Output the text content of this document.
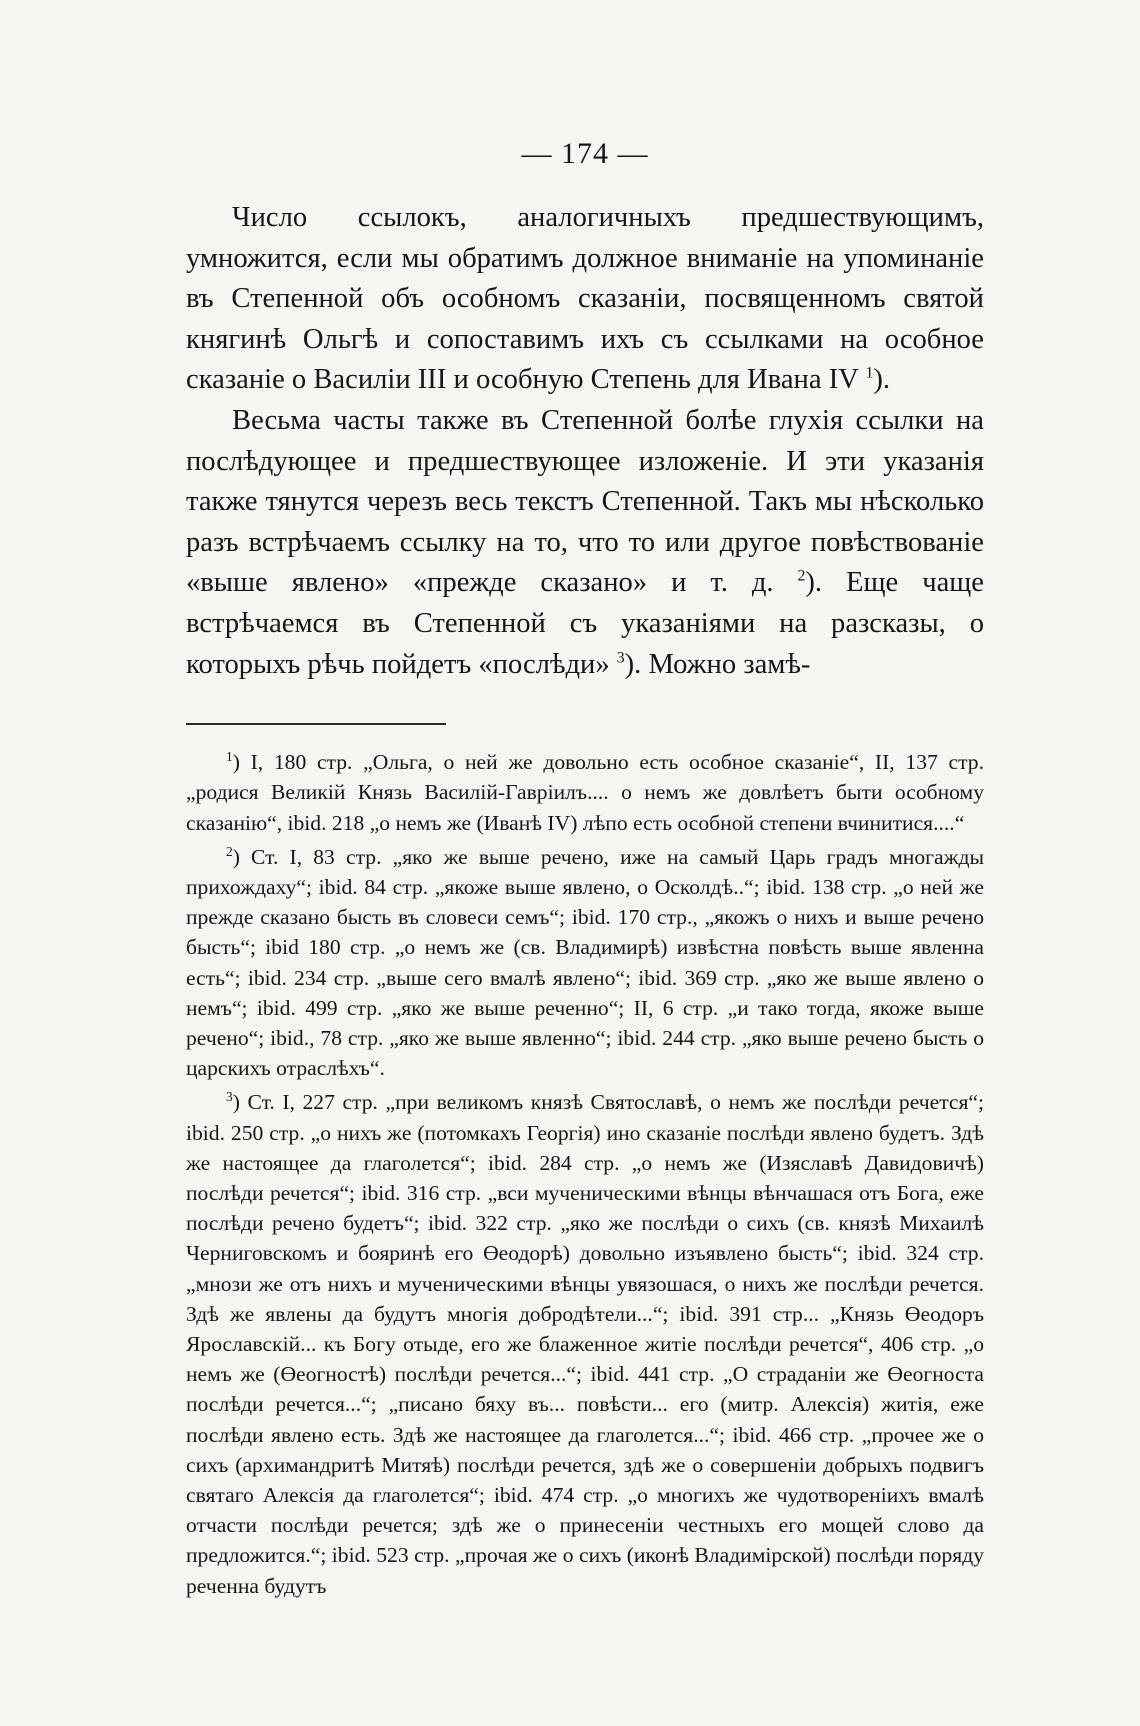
— 174 —

Число ссылокъ, аналогичныхъ предшествующимъ, умножится, если мы обратимъ должное вниманіе на упоминаніе въ Степенной объ особномъ сказаніи, посвященномъ святой княгинѣ Ольгѣ и сопоставимъ ихъ съ ссылками на особное сказаніе о Василіи III и особную Степень для Ивана IV $^1$).

Весьма часты также въ Степенной болѣе глухія ссылки на послѣдующее и предшествующее изложеніе. И эти указанія также тянутся черезъ весь текстъ Степенной. Такъ мы нѣсколько разъ встрѣчаемъ ссылку на то, что то или другое повѣствованіе «выше явлено» «прежде сказано» и т. д. $^2$). Еще чаще встрѣчаемся въ Степенной съ указаніями на разсказы, о которыхъ рѣчь пойдетъ «послѣди» $^3$). Можно замѣ-

$^1$) I, 180 стр. „Ольга, о ней же довольно есть особное сказаніе“, II, 137 стр. „родися Великій Князь Василій-Гавріилъ.... о немъ же довлѣетъ быти особному сказанію“, ibid. 218 „о немъ же (Иванѣ IV) лѣпо есть особной степени вчинитися....“

$^2$) Ст. I, 83 стр. „яко же выше речено, иже на самый Царь градъ многажды прихождаху“; ibid. 84 стр. „якоже выше явлено, о Осколдѣ..“; ibid. 138 стр. „о ней же прежде сказано бысть въ словеси семъ“; ibid. 170 стр., „якожъ о нихъ и выше речено бысть“; ibid 180 стр. „о немъ же (св. Владимирѣ) извѣстна повѣсть выше явленна есть“; ibid. 234 стр. „выше сего вмалѣ явлено“; ibid. 369 стр. „яко же выше явлено о немъ“; ibid. 499 стр. „яко же выше реченно“; II, 6 стр. „и тако тогда, якоже выше речено“; ibid., 78 стр. „яко же выше явленно“; ibid. 244 стр. „яко выше речено бысть о царскихъ отраслѣхъ“.

$^3$) Ст. I, 227 стр. „при великомъ князѣ Святославѣ, о немъ же послѣди речется“; ibid. 250 стр. „о нихъ же (потомкахъ Георгія) ино сказаніе послѣди явлено будетъ. Здѣ же настоящее да глаголется“; ibid. 284 стр. „о немъ же (Изяславѣ Давидовичѣ) послѣди речется“; ibid. 316 стр. „вси мученическими вѣнцы вѣнчашася отъ Бога, еже послѣди речено будетъ“; ibid. 322 стр. „яко же послѣди о сихъ (св. князѣ Михаилѣ Черниговскомъ и бояринѣ его Өеодорѣ) довольно изъявлено бысть“; ibid. 324 стр. „мнози же отъ нихъ и мученическими вѣнцы увязошася, о нихъ же послѣди речется. Здѣ же явлены да будутъ многія добродѣтели...“; ibid. 391 стр... „Князь Өеодоръ Ярославскій... къ Богу отыде, его же блаженное житіе послѣди речется“, 406 стр. „о немъ же (Өеогностѣ) послѣди речется...“; ibid. 441 стр. „О страданіи же Өеогноста послѣди речется...“; „писано бяху въ... повѣсти... его (митр. Алексія) житія, еже послѣди явлено есть. Здѣ же настоящее да глаголется...“; ibid. 466 стр. „прочее же о сихъ (архимандритѣ Митяѣ) послѣди речется, здѣ же о совершеніи добрыхъ подвигъ святаго Алексія да глаголется“; ibid. 474 стр. „о многихъ же чудотвореніихъ вмалѣ отчасти послѣди речется; здѣ же о принесеніи честныхъ его мощей слово да предложится.“; ibid. 523 стр. „прочая же о сихъ (иконѣ Владимірской) послѣди поряду реченна будутъ
